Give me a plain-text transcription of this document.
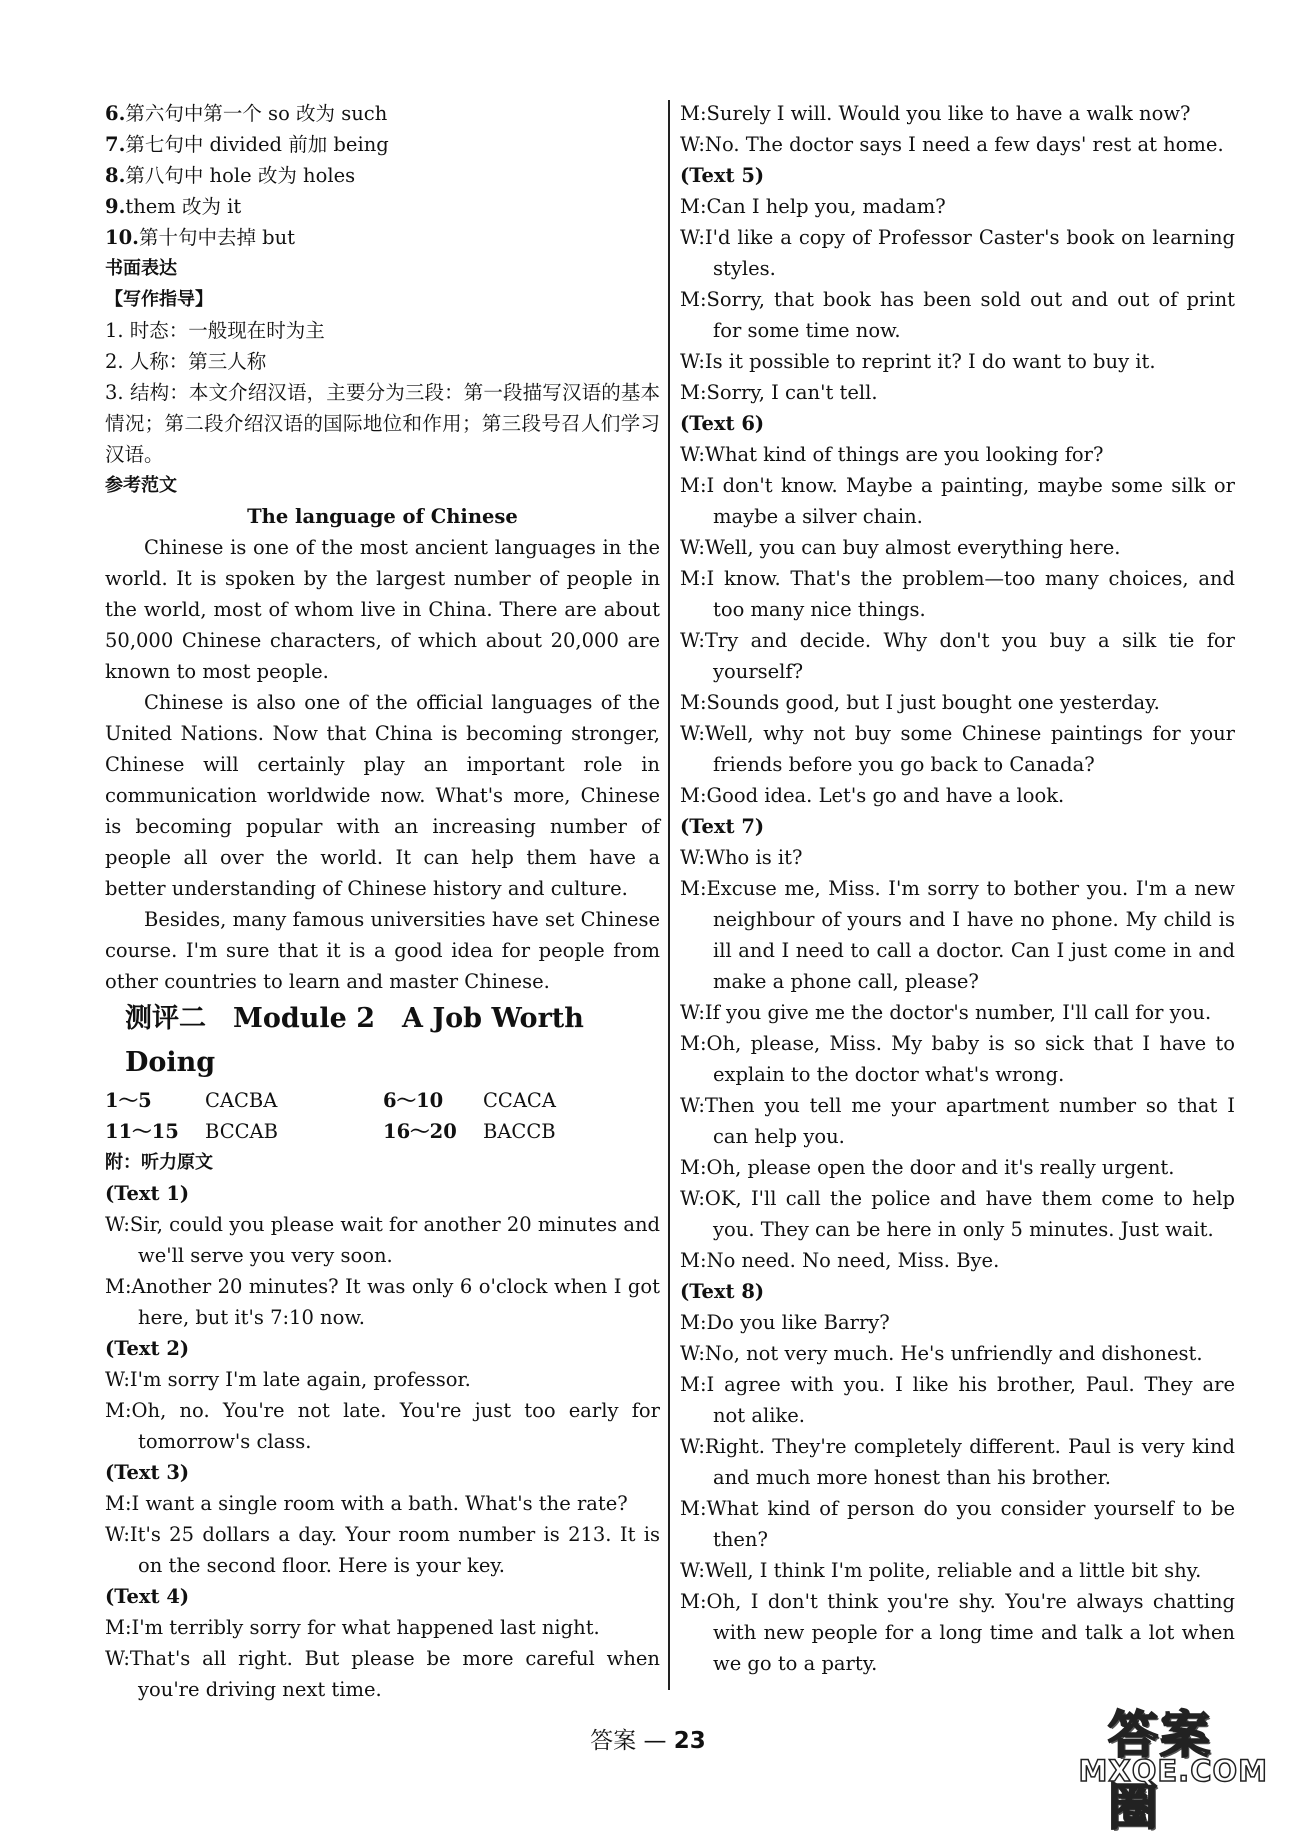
6.第六句中第一个 so 改为 such
7.第七句中 divided 前加 being
8.第八句中 hole 改为 holes
9.them 改为 it
10.第十句中去掉 but
书面表达
【写作指导】
1. 时态：一般现在时为主
2. 人称：第三人称
3. 结构：本文介绍汉语，主要分为三段：第一段描写汉语的基本情况；第二段介绍汉语的国际地位和作用；第三段号召人们学习汉语。
参考范文
The language of Chinese
Chinese is one of the most ancient languages in the world. It is spoken by the largest number of people in the world, most of whom live in China. There are about 50,000 Chinese characters, of which about 20,000 are known to most people.
Chinese is also one of the official languages of the United Nations. Now that China is becoming stronger, Chinese will certainly play an important role in communication worldwide now. What's more, Chinese is becoming popular with an increasing number of people all over the world. It can help them have a better understanding of Chinese history and culture.
Besides, many famous universities have set Chinese course. I'm sure that it is a good idea for people from other countries to learn and master Chinese.
测评二　Module 2　A Job Worth Doing
1～5	CACBA	6～10 CCACA
11～15 BCCAB	16～20 BACCB
附：听力原文
(Text 1)
W:Sir, could you please wait for another 20 minutes and we'll serve you very soon.
M:Another 20 minutes? It was only 6 o'clock when I got here, but it's 7:10 now.
(Text 2)
W:I'm sorry I'm late again, professor.
M:Oh, no. You're not late. You're just too early for tomorrow's class.
(Text 3)
M:I want a single room with a bath. What's the rate?
W:It's 25 dollars a day. Your room number is 213. It is on the second floor. Here is your key.
(Text 4)
M:I'm terribly sorry for what happened last night.
W:That's all right. But please be more careful when you're driving next time.
M:Surely I will. Would you like to have a walk now?
W:No. The doctor says I need a few days' rest at home.
(Text 5)
M:Can I help you, madam?
W:I'd like a copy of Professor Caster's book on learning styles.
M:Sorry, that book has been sold out and out of print for some time now.
W:Is it possible to reprint it? I do want to buy it.
M:Sorry, I can't tell.
(Text 6)
W:What kind of things are you looking for?
M:I don't know. Maybe a painting, maybe some silk or maybe a silver chain.
W:Well, you can buy almost everything here.
M:I know. That's the problem—too many choices, and too many nice things.
W:Try and decide. Why don't you buy a silk tie for yourself?
M:Sounds good, but I just bought one yesterday.
W:Well, why not buy some Chinese paintings for your friends before you go back to Canada?
M:Good idea. Let's go and have a look.
(Text 7)
W:Who is it?
M:Excuse me, Miss. I'm sorry to bother you. I'm a new neighbour of yours and I have no phone. My child is ill and I need to call a doctor. Can I just come in and make a phone call, please?
W:If you give me the doctor's number, I'll call for you.
M:Oh, please, Miss. My baby is so sick that I have to explain to the doctor what's wrong.
W:Then you tell me your apartment number so that I can help you.
M:Oh, please open the door and it's really urgent.
W:OK, I'll call the police and have them come to help you. They can be here in only 5 minutes. Just wait.
M:No need. No need, Miss. Bye.
(Text 8)
M:Do you like Barry?
W:No, not very much. He's unfriendly and dishonest.
M:I agree with you. I like his brother, Paul. They are not alike.
W:Right. They're completely different. Paul is very kind and much more honest than his brother.
M:What kind of person do you consider yourself to be then?
W:Well, I think I'm polite, reliable and a little bit shy.
M:Oh, I don't think you're shy. You're always chatting with new people for a long time and talk a lot when we go to a party.
答案 — 23	答案圈
MXQE.COM
